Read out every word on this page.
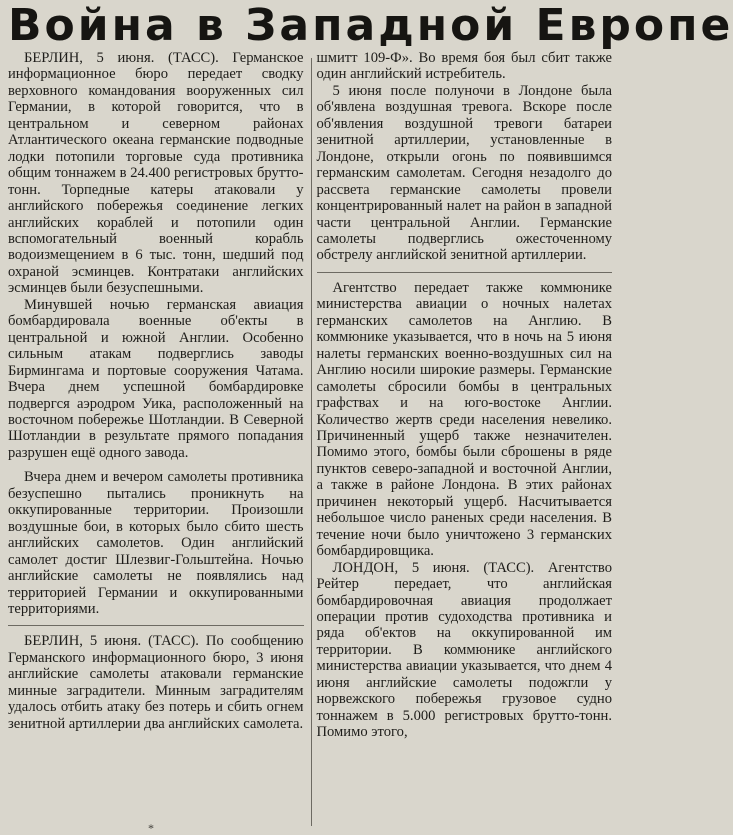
Война в Западной Европе

БЕРЛИН, 5 июня. (ТАСС). Германское информационное бюро передает сводку верховного командования вооруженных сил Германии, в которой говорится, что в центральном и северном районах Атлантического океана германские подводные лодки потопили торговые суда противника общим тоннажем в 24.400 регистровых брутто-тонн. Торпедные катеры атаковали у английского побережья соединение легких английских кораблей и потопили один вспомогательный военный корабль водоизмещением в 6 тыс. тонн, шедший под охраной эсминцев. Контратаки английских эсминцев были безуспешными.

Минувшей ночью германская авиация бомбардировала военные об'екты в центральной и южной Англии. Особенно сильным атакам подверглись заводы Бирмингама и портовые сооружения Чатама. Вчера днем успешной бомбардировке подвергся аэродром Уика, расположенный на восточном побережье Шотландии. В Северной Шотландии в результате прямого попадания разрушен ещё одного завода.

Вчера днем и вечером самолеты противника безуспешно пытались проникнуть на оккупированные территории. Произошли воздушные бои, в которых было сбито шесть английских самолетов. Один английский самолет достиг Шлезвиг-Гольштейна. Ночью английские самолеты не появлялись над территорией Германии и оккупированными территориями.

БЕРЛИН, 5 июня. (ТАСС). По сообщению Германского информационного бюро, 3 июня английские самолеты атаковали германские минные заградители. Минным заградителям удалось отбить атаку без потерь и сбить огнем зенитной артиллерии два английских самолета.

шмитт 109-Ф». Во время боя был сбит также один английский истребитель.

5 июня после полуночи в Лондоне была об'явлена воздушная тревога. Вскоре после об'явления воздушной тревоги батареи зенитной артиллерии, установленные в Лондоне, открыли огонь по появившимся германским самолетам. Сегодня незадолго до рассвета германские самолеты провели концентрированный налет на район в западной части центральной Англии. Германские самолеты подверглись ожесточенному обстрелу английской зенитной артиллерии.

Агентство передает также коммюнике министерства авиации о ночных налетах германских самолетов на Англию. В коммюнике указывается, что в ночь на 5 июня налеты германских военно-воздушных сил на Англию носили широкие размеры. Германские самолеты сбросили бомбы в центральных графствах и на юго-востоке Англии. Количество жертв среди населения невелико. Причиненный ущерб также незначителен. Помимо этого, бомбы были сброшены в ряде пунктов северо-западной и восточной Англии, а также в районе Лондона. В этих районах причинен некоторый ущерб. Насчитывается небольшое число раненых среди населения. В течение ночи было уничтожено 3 германских бомбардировщика.

ЛОНДОН, 5 июня. (ТАСС). Агентство Рейтер передает, что английская бомбардировочная авиация продолжает операции против судоходства противника и ряда об'ектов на оккупированной им территории. В коммюнике английского министерства авиации указывается, что днем 4 июня английские самолеты подожгли у норвежского побережья грузовое судно тоннажем в 5.000 регистровых брутто-тонн. Помимо этого,

*
